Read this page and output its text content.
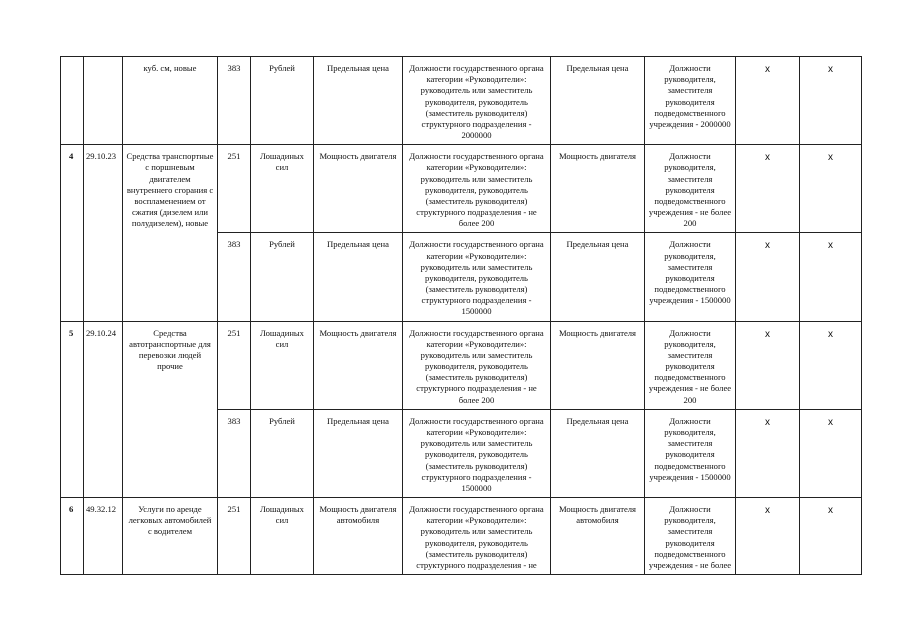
		куб. см, новые	383	Рублей	Предельная цена	Должности государственного органа категории «Руководители»: руководитель или заместитель руководителя, руководитель (заместитель руководителя) структурного подразделения - 2000000	Предельная цена	Должности руководителя, заместителя руководителя подведомственного учреждения - 2000000	х	х
4	29.10.23	Средства транспортные с поршневым двигателем внутреннего сгорания с воспламенением от сжатия (дизелем или полудизелем), новые	251	Лошадиных сил	Мощность двигателя	Должности государственного органа категории «Руководители»: руководитель или заместитель руководителя, руководитель (заместитель руководителя) структурного подразделения - не более 200	Мощность двигателя	Должности руководителя, заместителя руководителя подведомственного учреждения - не более 200	х	х
			383	Рублей	Предельная цена	Должности государственного органа категории «Руководители»: руководитель или заместитель руководителя, руководитель (заместитель руководителя) структурного подразделения - 1500000	Предельная цена	Должности руководителя, заместителя руководителя подведомственного учреждения - 1500000	х	х
5	29.10.24	Средства автотранспортные для перевозки людей прочие	251	Лошадиных сил	Мощность двигателя	Должности государственного органа категории «Руководители»: руководитель или заместитель руководителя, руководитель (заместитель руководителя) структурного подразделения - не более 200	Мощность двигателя	Должности руководителя, заместителя руководителя подведомственного учреждения - не более 200	х	х
			383	Рублей	Предельная цена	Должности государственного органа категории «Руководители»: руководитель или заместитель руководителя, руководитель (заместитель руководителя) структурного подразделения - 1500000	Предельная цена	Должности руководителя, заместителя руководителя подведомственного учреждения - 1500000	х	х
6	49.32.12	Услуги по аренде легковых автомобилей с водителем	251	Лошадиных сил	Мощность двигателя автомобиля	Должности государственного органа категории «Руководители»: руководитель или заместитель руководителя, руководитель (заместитель руководителя) структурного подразделения - не	Мощность двигателя автомобиля	Должности руководителя, заместителя руководителя подведомственного учреждения - не более	х	х
